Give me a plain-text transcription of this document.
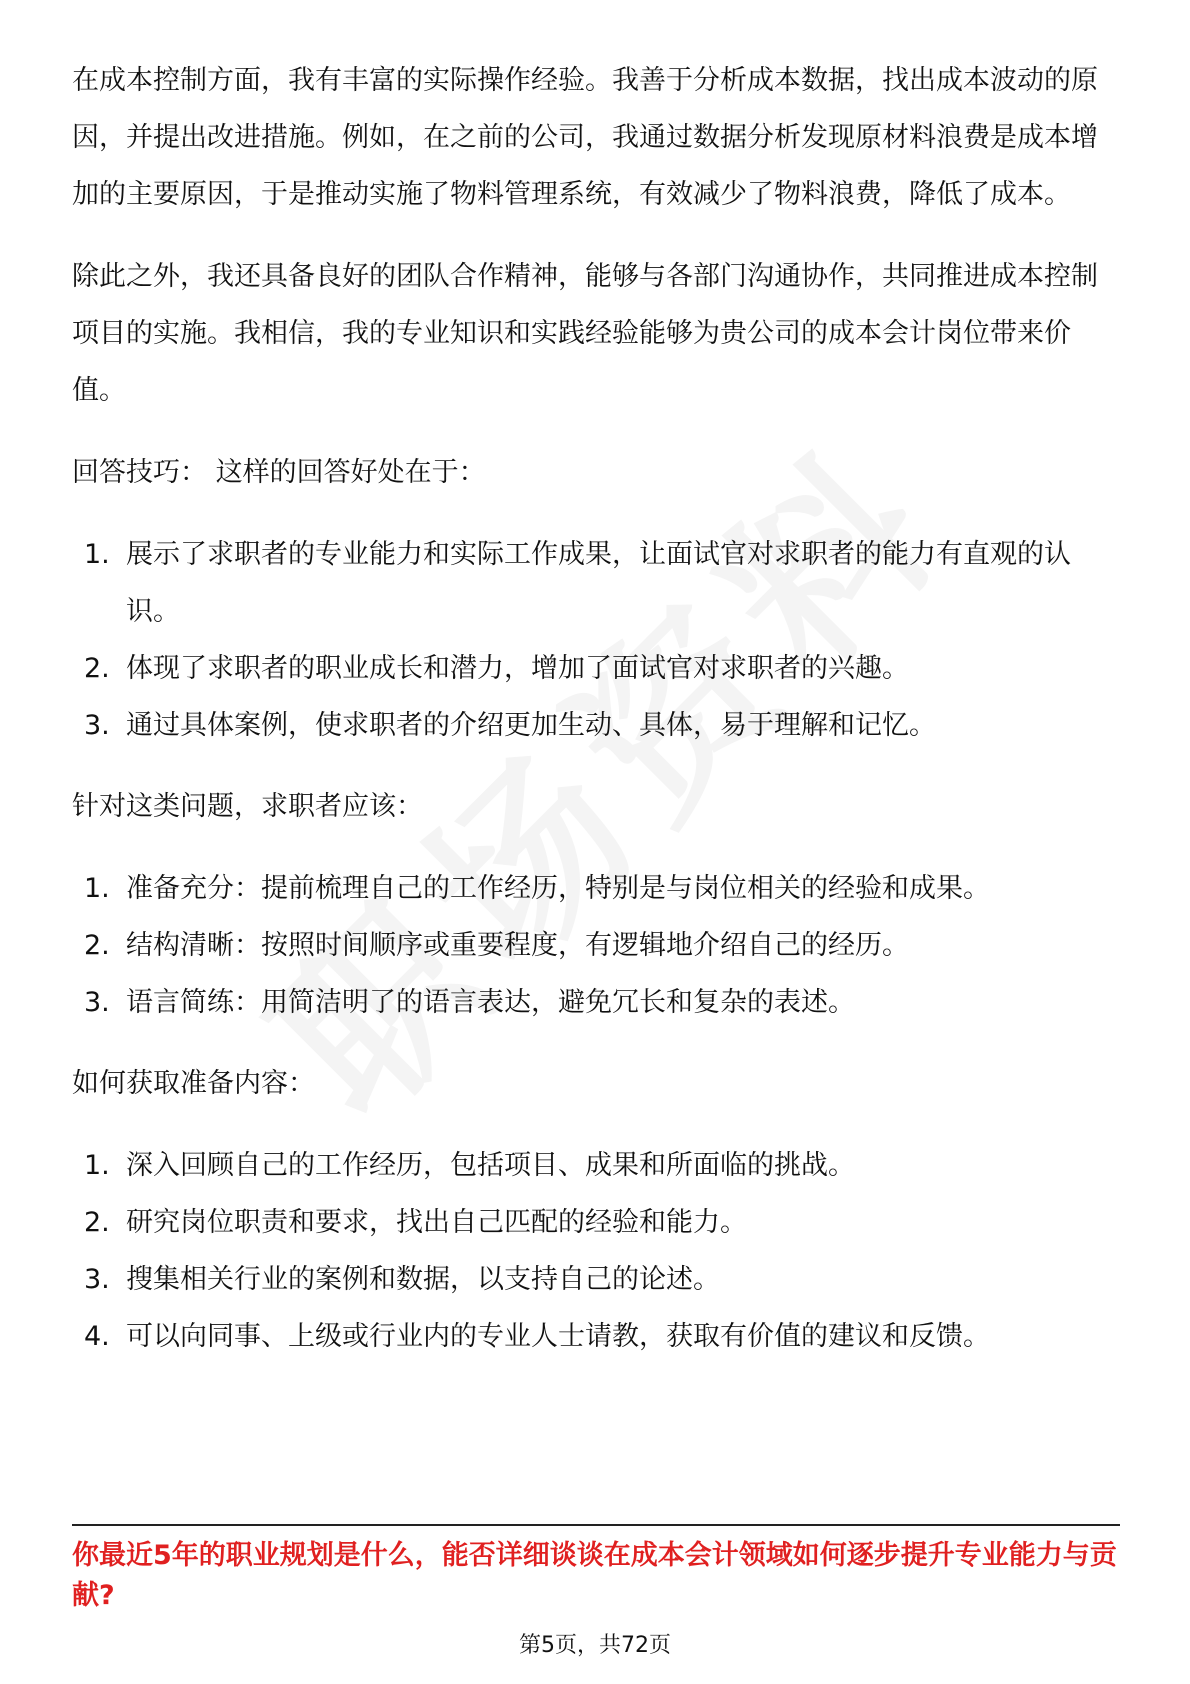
在成本控制方面，我有丰富的实际操作经验。我善于分析成本数据，找出成本波动的原因，并提出改进措施。例如，在之前的公司，我通过数据分析发现原材料浪费是成本增加的主要原因，于是推动实施了物料管理系统，有效减少了物料浪费，降低了成本。

除此之外，我还具备良好的团队合作精神，能够与各部门沟通协作，共同推进成本控制项目的实施。我相信，我的专业知识和实践经验能够为贵公司的成本会计岗位带来价值。

回答技巧： 这样的回答好处在于：

1. 展示了求职者的专业能力和实际工作成果，让面试官对求职者的能力有直观的认识。
2. 体现了求职者的职业成长和潜力，增加了面试官对求职者的兴趣。
3. 通过具体案例，使求职者的介绍更加生动、具体，易于理解和记忆。

针对这类问题，求职者应该：

1. 准备充分：提前梳理自己的工作经历，特别是与岗位相关的经验和成果。
2. 结构清晰：按照时间顺序或重要程度，有逻辑地介绍自己的经历。
3. 语言简练：用简洁明了的语言表达，避免冗长和复杂的表述。

如何获取准备内容：

1. 深入回顾自己的工作经历，包括项目、成果和所面临的挑战。
2. 研究岗位职责和要求，找出自己匹配的经验和能力。
3. 搜集相关行业的案例和数据，以支持自己的论述。
4. 可以向同事、上级或行业内的专业人士请教，获取有价值的建议和反馈。
你最近5年的职业规划是什么，能否详细谈谈在成本会计领域如何逐步提升专业能力与贡献?
第5页，共72页
